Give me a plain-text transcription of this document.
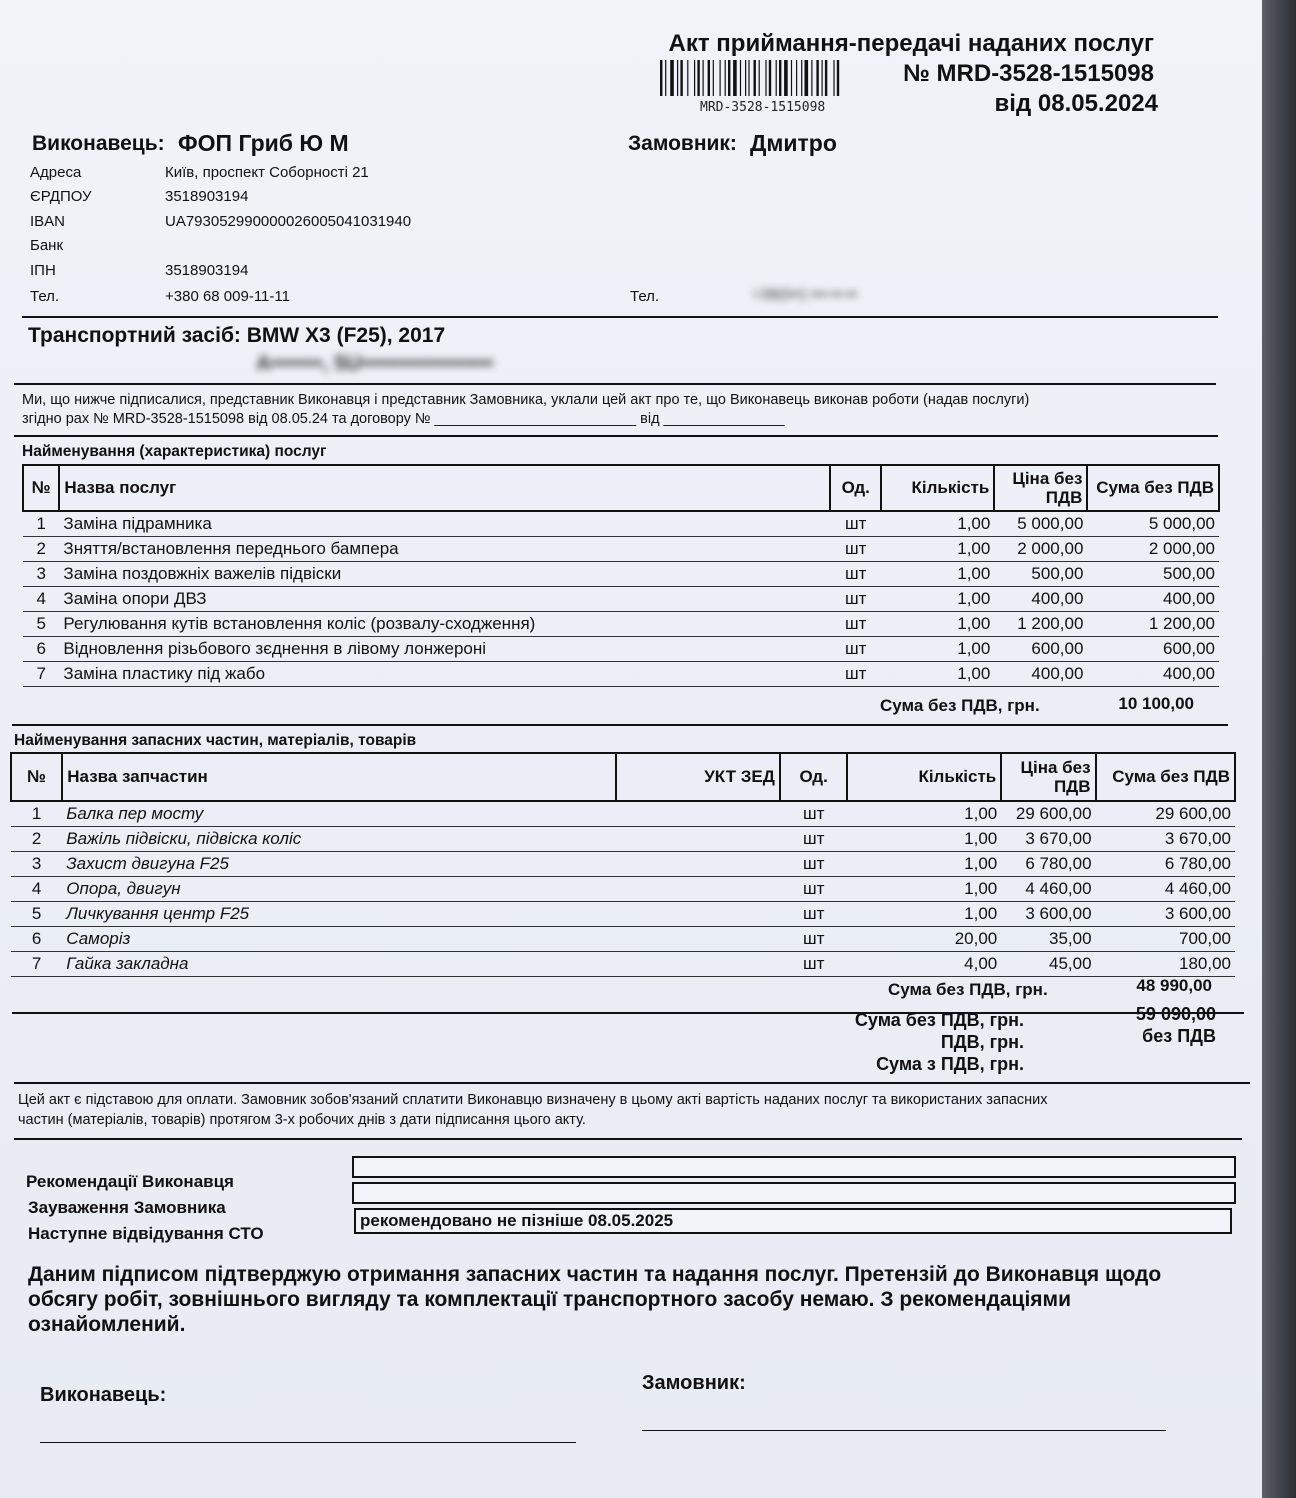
Акт приймання-передачі наданих послуг
№ MRD-3528-1515098
від 08.05.2024
MRD-3528-1515098
Виконавець: ФОП Гриб Ю М
Адреса	Київ, проспект Соборності 21
ЄРДПОУ	3518903194
IBAN	UA793052990000026005041031940
Банк
ІПН	3518903194
Тел.	+380 68 009-11-11
Замовник: Дмитро
Тел.	+38(0••) •••-••-••
Транспортний засіб: BMW X3 (F25), 2017
A•••••••, 5U••••••••••••••••••
Ми, що нижче підписалися, представник Виконавця і представник Замовника, уклали цей акт про те, що Виконавець виконав роботи (надав послуги)
згідно рах № MRD-3528-1515098 від 08.05.24 та договору № _________________________ від _______________
Найменування (характеристика) послуг
№	Назва послуг	Од.	Кількість	Ціна без ПДВ	Сума без ПДВ
1	Заміна підрамника	шт	1,00	5 000,00	5 000,00
2	Зняття/встановлення переднього бампера	шт	1,00	2 000,00	2 000,00
3	Заміна поздовжніх важелів підвіски	шт	1,00	500,00	500,00
4	Заміна опори ДВЗ	шт	1,00	400,00	400,00
5	Регулювання кутів встановлення коліс (розвалу-сходження)	шт	1,00	1 200,00	1 200,00
6	Відновлення різьбового зєднення в лівому лонжероні	шт	1,00	600,00	600,00
7	Заміна пластику під жабо	шт	1,00	400,00	400,00
Сума без ПДВ, грн.	10 100,00
Найменування запасних частин, матеріалів, товарів
№	Назва запчастин	УКТ ЗЕД	Од.	Кількість	Ціна без ПДВ	Сума без ПДВ
1	Балка пер мосту		шт	1,00	29 600,00	29 600,00
2	Важіль підвіски, підвіска коліс		шт	1,00	3 670,00	3 670,00
3	Захист двигуна F25		шт	1,00	6 780,00	6 780,00
4	Опора, двигун		шт	1,00	4 460,00	4 460,00
5	Личкування центр F25		шт	1,00	3 600,00	3 600,00
6	Саморіз		шт	20,00	35,00	700,00
7	Гайка закладна		шт	4,00	45,00	180,00
Сума без ПДВ, грн.	48 990,00
Сума без ПДВ, грн.	59 090,00
ПДВ, грн.	без ПДВ
Сума з ПДВ, грн.
Цей акт є підставою для оплати. Замовник зобов'язаний сплатити Виконавцю визначену в цьому акті вартість наданих послуг та використаних запасних
частин (матеріалів, товарів) протягом 3-х робочих днів з дати підписання цього акту.
Рекомендації Виконавця
Зауваження Замовника
Наступне відвідування СТО
рекомендовано не пізніше 08.05.2025
Даним підписом підтверджую отримання запасних частин та надання послуг. Претензій до Виконавця щодо обсягу робіт, зовнішнього вигляду та комплектації транспортного засобу немаю. З рекомендаціями ознайомлений.
Виконавець:
Замовник:
